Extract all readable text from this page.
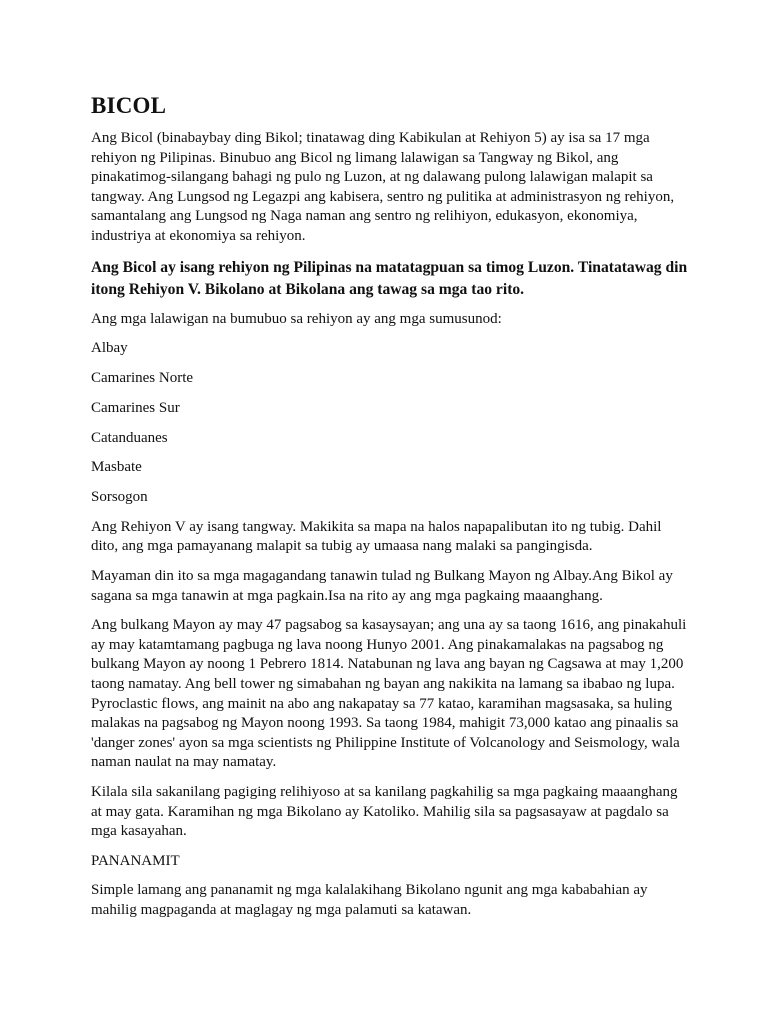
BICOL

Ang Bicol (binabaybay ding Bikol; tinatawag ding Kabikulan at Rehiyon 5) ay isa sa 17 mga rehiyon ng Pilipinas. Binubuo ang Bicol ng limang lalawigan sa Tangway ng Bikol, ang pinakatimog-silangang bahagi ng pulo ng Luzon, at ng dalawang pulong lalawigan malapit sa tangway. Ang Lungsod ng Legazpi ang kabisera, sentro ng pulitika at administrasyon ng rehiyon, samantalang ang Lungsod ng Naga naman ang sentro ng relihiyon, edukasyon, ekonomiya, industriya at ekonomiya sa rehiyon.

Ang Bicol ay isang rehiyon ng Pilipinas na matatagpuan sa timog Luzon. Tinatatawag din itong Rehiyon V. Bikolano at Bikolana ang tawag sa mga tao rito.

Ang mga lalawigan na bumubuo sa rehiyon ay ang mga sumusunod:

Albay

Camarines Norte

Camarines Sur

Catanduanes

Masbate

Sorsogon

Ang Rehiyon V ay isang tangway. Makikita sa mapa na halos napapalibutan ito ng tubig. Dahil dito, ang mga pamayanang malapit sa tubig ay umaasa nang malaki sa pangingisda.

Mayaman din ito sa mga magagandang tanawin tulad ng Bulkang Mayon ng Albay.Ang Bikol ay sagana sa mga tanawin at mga pagkain.Isa na rito ay ang mga pagkaing maaanghang.

Ang bulkang Mayon ay may 47 pagsabog sa kasaysayan; ang una ay sa taong 1616, ang pinakahuli ay may katamtamang pagbuga ng lava noong Hunyo 2001. Ang pinakamalakas na pagsabog ng bulkang Mayon ay noong 1 Pebrero 1814. Natabunan ng lava ang bayan ng Cagsawa at may 1,200 taong namatay. Ang bell tower ng simabahan ng bayan ang nakikita na lamang sa ibabao ng lupa. Pyroclastic flows, ang mainit na abo ang nakapatay sa 77 katao, karamihan magsasaka, sa huling malakas na pagsabog ng Mayon noong 1993. Sa taong 1984, mahigit 73,000 katao ang pinaalis sa 'danger zones' ayon sa mga scientists ng Philippine Institute of Volcanology and Seismology, wala naman naulat na may namatay.

Kilala sila sakanilang pagiging relihiyoso at sa kanilang pagkahilig sa mga pagkaing maaanghang at may gata. Karamihan ng mga Bikolano ay Katoliko. Mahilig sila sa pagsasayaw at pagdalo sa mga kasayahan.

PANANAMIT

Simple lamang ang pananamit ng mga kalalakihang Bikolano ngunit ang mga kababahian ay mahilig magpaganda at maglagay ng mga palamuti sa katawan.
